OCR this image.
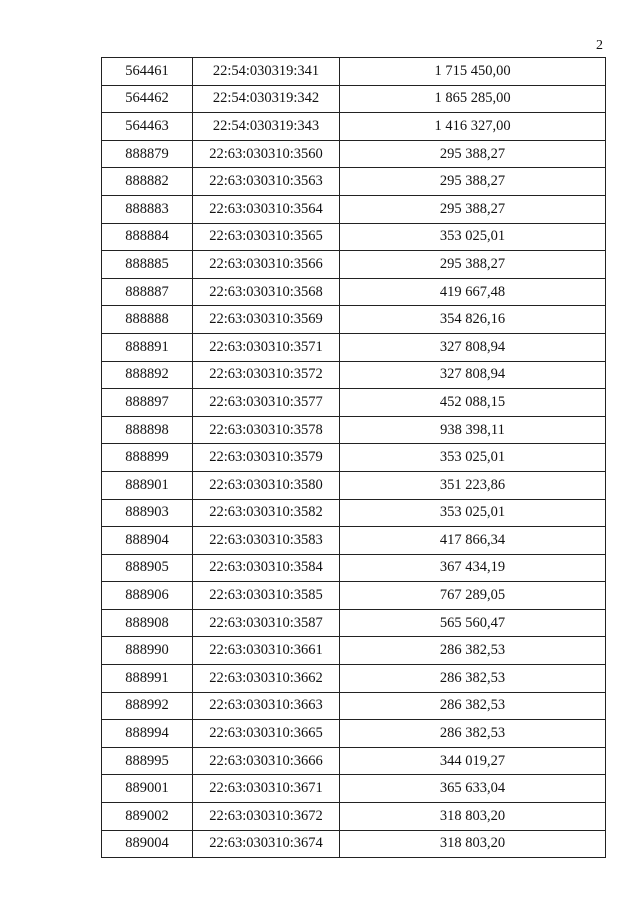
2
564461	22:54:030319:341	1 715 450,00
564462	22:54:030319:342	1 865 285,00
564463	22:54:030319:343	1 416 327,00
888879	22:63:030310:3560	295 388,27
888882	22:63:030310:3563	295 388,27
888883	22:63:030310:3564	295 388,27
888884	22:63:030310:3565	353 025,01
888885	22:63:030310:3566	295 388,27
888887	22:63:030310:3568	419 667,48
888888	22:63:030310:3569	354 826,16
888891	22:63:030310:3571	327 808,94
888892	22:63:030310:3572	327 808,94
888897	22:63:030310:3577	452 088,15
888898	22:63:030310:3578	938 398,11
888899	22:63:030310:3579	353 025,01
888901	22:63:030310:3580	351 223,86
888903	22:63:030310:3582	353 025,01
888904	22:63:030310:3583	417 866,34
888905	22:63:030310:3584	367 434,19
888906	22:63:030310:3585	767 289,05
888908	22:63:030310:3587	565 560,47
888990	22:63:030310:3661	286 382,53
888991	22:63:030310:3662	286 382,53
888992	22:63:030310:3663	286 382,53
888994	22:63:030310:3665	286 382,53
888995	22:63:030310:3666	344 019,27
889001	22:63:030310:3671	365 633,04
889002	22:63:030310:3672	318 803,20
889004	22:63:030310:3674	318 803,20
